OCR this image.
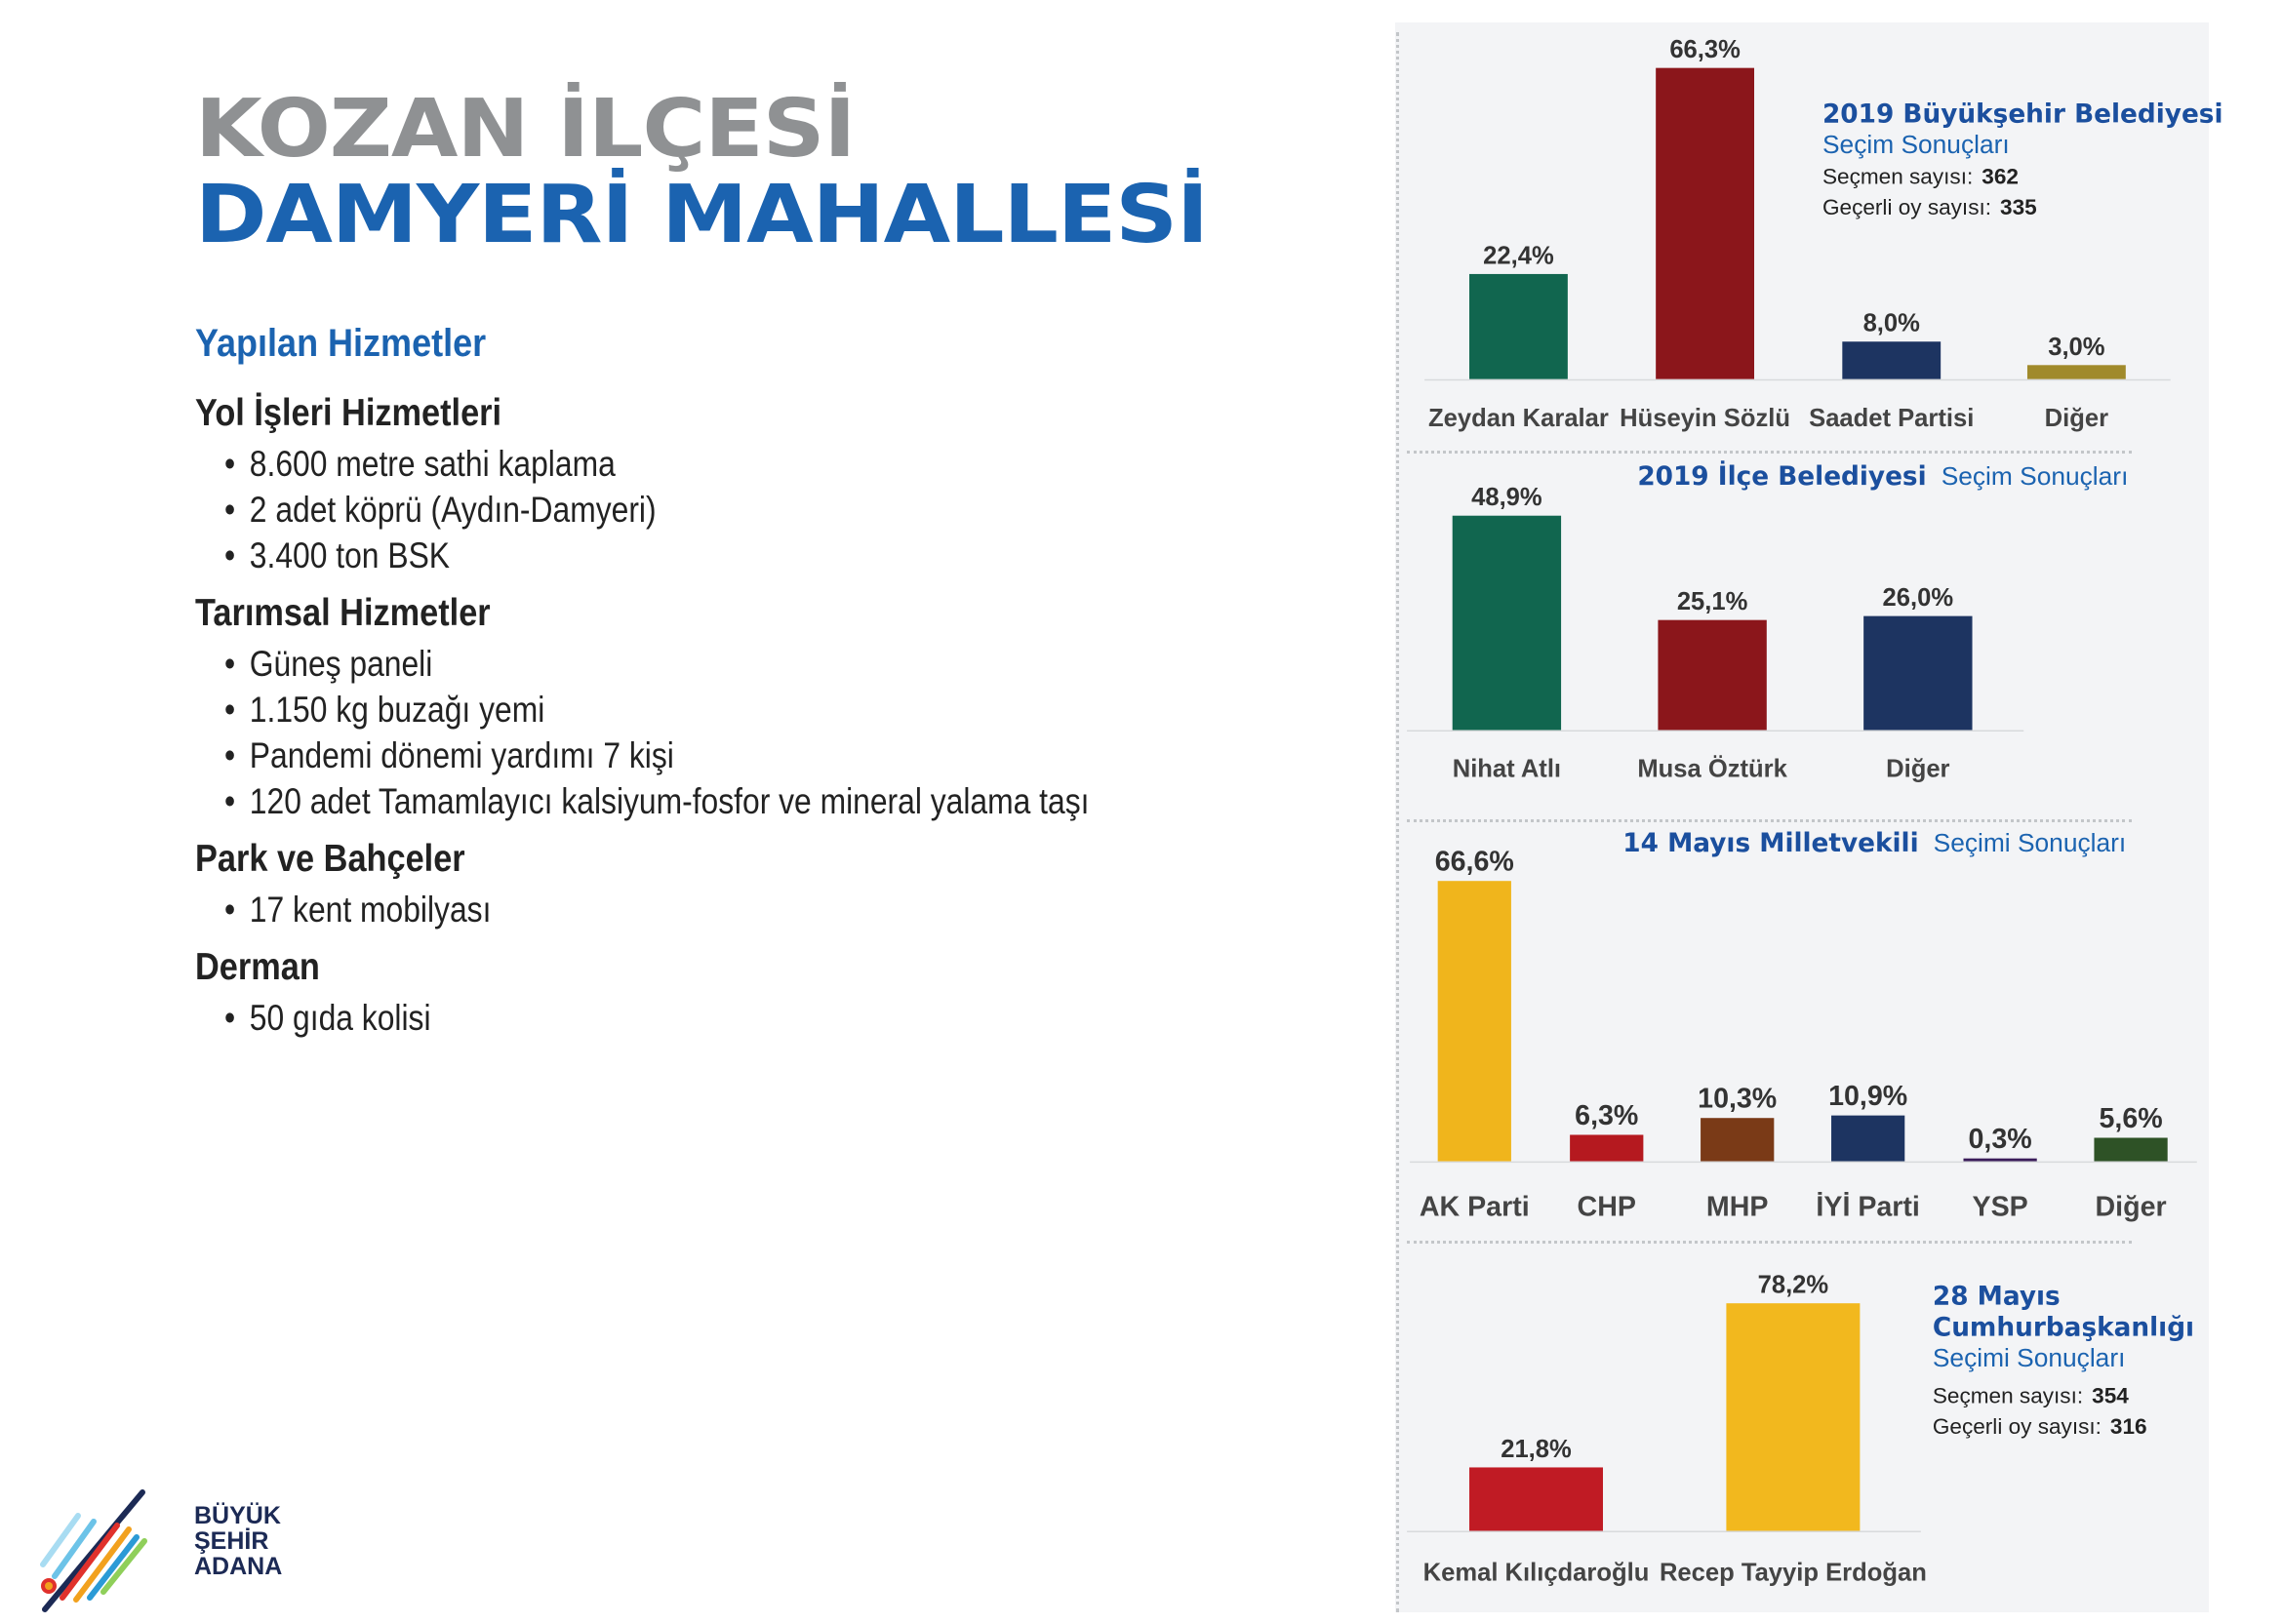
KOZAN İLÇESİ
DAMYERİ MAHALLESİ
Yapılan Hizmetler
Yol İşleri Hizmetleri
• 8.600 metre sathi kaplama
• 2 adet köprü (Aydın-Damyeri)
• 3.400 ton BSK
Tarımsal Hizmetler
• Güneş paneli
• 1.150 kg buzağı yemi
• Pandemi dönemi yardımı 7 kişi
• 120 adet Tamamlayıcı kalsiyum-fosfor ve mineral yalama taşı
Park ve Bahçeler
• 17 kent mobilyası
Derman
• 50 gıda kolisi
BÜYÜK
ŞEHİR
ADANA
2019 Büyükşehir Belediyesi
Seçim Sonuçları
Seçmen sayısı: 362
Geçerli oy sayısı: 335
22,4%
Zeydan Karalar
66,3%
Hüseyin Sözlü
8,0%
Saadet Partisi
3,0%
Diğer
2019 İlçe Belediyesi Seçim Sonuçları
48,9%
Nihat Atlı
25,1%
Musa Öztürk
26,0%
Diğer
14 Mayıs Milletvekili Seçimi Sonuçları
66,6%
AK Parti
6,3%
CHP
10,3%
MHP
10,9%
İYİ Parti
0,3%
YSP
5,6%
Diğer
28 Mayıs
Cumhurbaşkanlığı
Seçimi Sonuçları
Seçmen sayısı: 354
Geçerli oy sayısı: 316
21,8%
Kemal Kılıçdaroğlu
78,2%
Recep Tayyip Erdoğan
